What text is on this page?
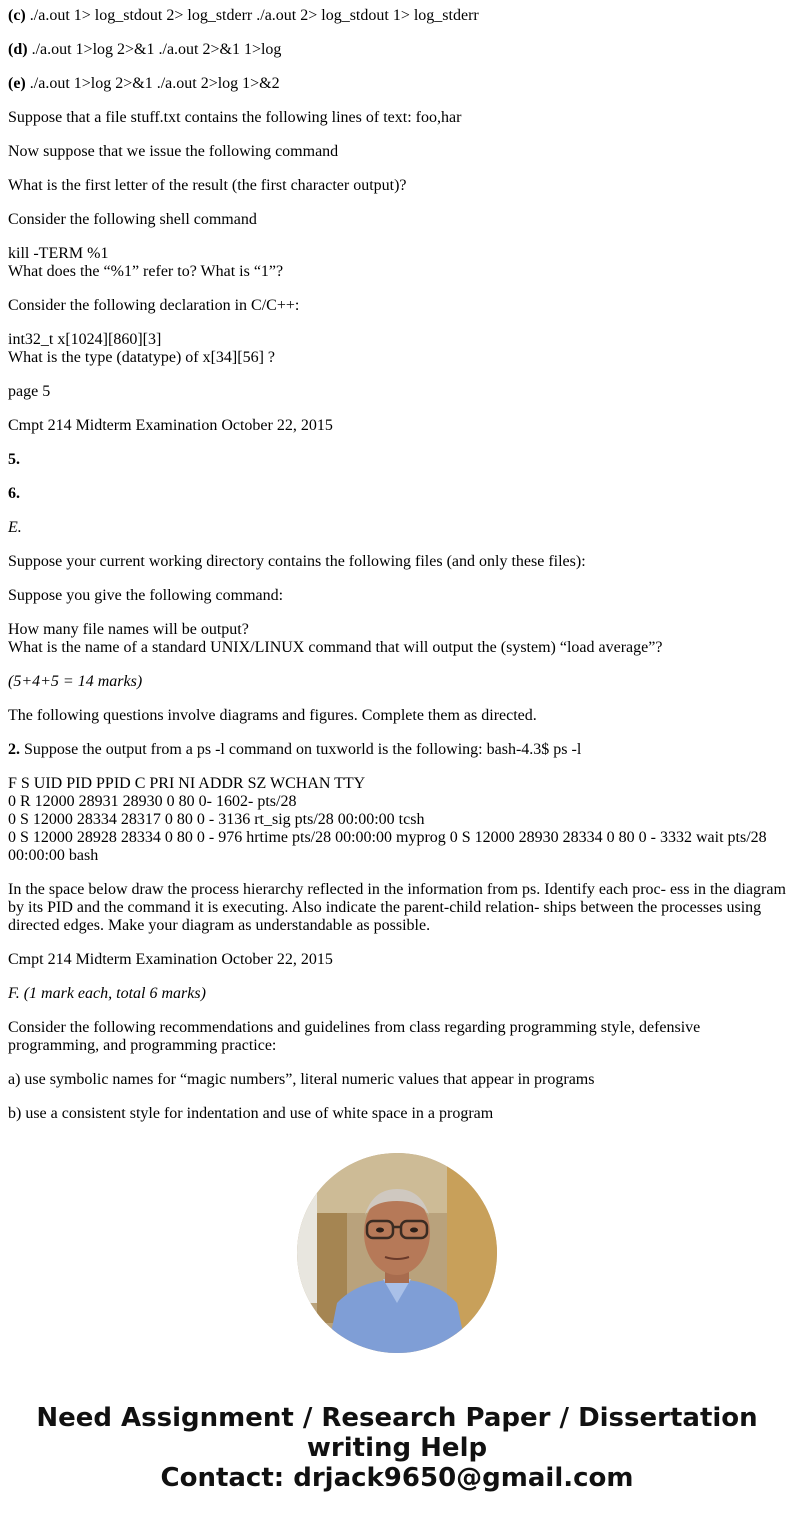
(c) ./a.out 1> log_stdout 2> log_stderr ./a.out 2> log_stdout 1> log_stderr
(d) ./a.out 1>log 2>&1 ./a.out 2>&1 1>log
(e) ./a.out 1>log 2>&1 ./a.out 2>log 1>&2
Suppose that a file stuff.txt contains the following lines of text: foo,har
Now suppose that we issue the following command
What is the first letter of the result (the first character output)?
Consider the following shell command
kill -TERM %1
What does the “%1” refer to? What is “1”?
Consider the following declaration in C/C++:
int32_t x[1024][860][3]
What is the type (datatype) of x[34][56] ?
page 5
Cmpt 214 Midterm Examination October 22, 2015
5.
6.
E.
Suppose your current working directory contains the following files (and only these files):
Suppose you give the following command:
How many file names will be output?
What is the name of a standard UNIX/LINUX command that will output the (system) “load average”?
(5+4+5 = 14 marks)
The following questions involve diagrams and figures. Complete them as directed.
2. Suppose the output from a ps -l command on tuxworld is the following: bash-4.3$ ps -l
F S UID PID PPID C PRI NI ADDR SZ WCHAN TTY
0 R 12000 28931 28930 0 80 0- 1602- pts/28
0 S 12000 28334 28317 0 80 0 - 3136 rt_sig pts/28 00:00:00 tcsh
0 S 12000 28928 28334 0 80 0 - 976 hrtime pts/28 00:00:00 myprog 0 S 12000 28930 28334 0 80 0 - 3332 wait pts/28 00:00:00 bash
In the space below draw the process hierarchy reflected in the information from ps. Identify each proc- ess in the diagram by its PID and the command it is executing. Also indicate the parent-child relation- ships between the processes using directed edges. Make your diagram as understandable as possible.
Cmpt 214 Midterm Examination October 22, 2015
F. (1 mark each, total 6 marks)
Consider the following recommendations and guidelines from class regarding programming style, defensive programming, and programming practice:
a) use symbolic names for “magic numbers”, literal numeric values that appear in programs
b) use a consistent style for indentation and use of white space in a program
Need Assignment / Research Paper / Dissertation
writing Help
Contact: drjack9650@gmail.com
